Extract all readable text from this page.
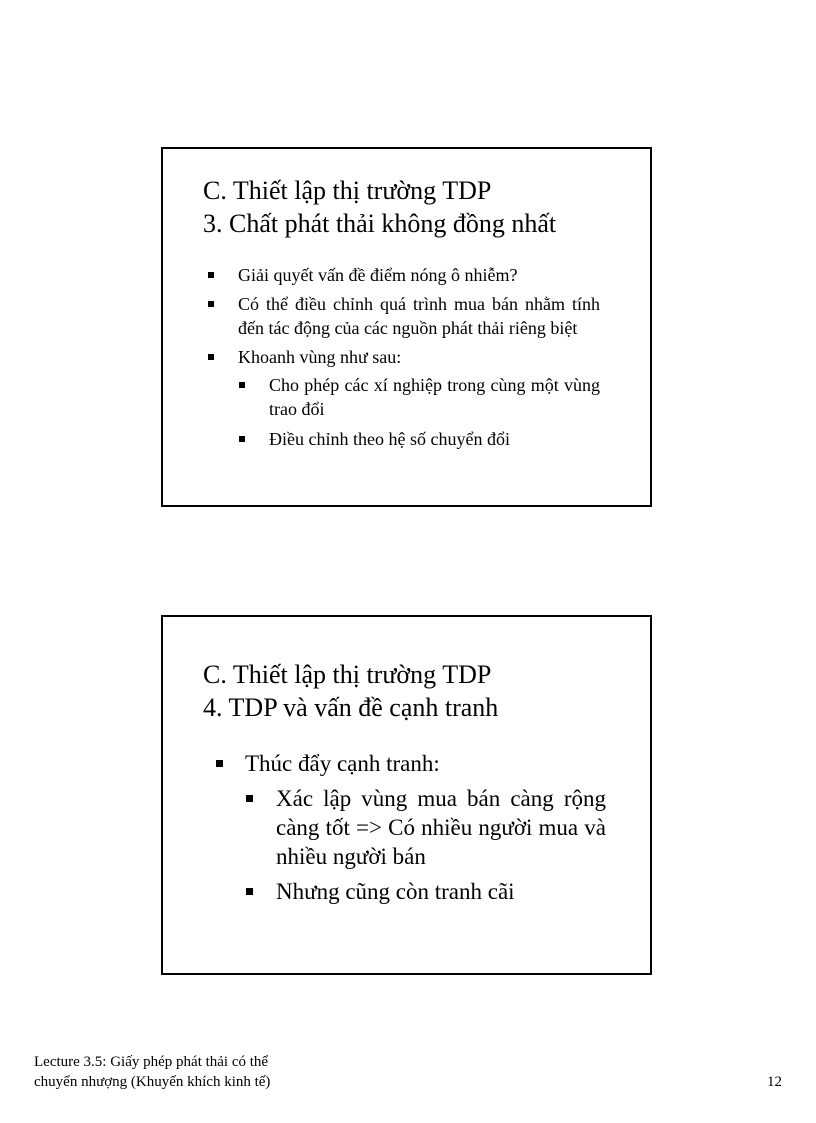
C. Thiết lập thị trường TDP
3. Chất phát thải không đồng nhất
Giải quyết vấn đề điểm nóng ô nhiễm?
Có thể điều chỉnh quá trình mua bán nhằm tính đến tác động của các nguồn phát thải riêng biệt
Khoanh vùng như sau:
Cho phép các xí nghiệp trong cùng một vùng trao đổi
Điều chỉnh theo hệ số chuyển đổi
C. Thiết lập thị trường TDP
4. TDP và vấn đề cạnh tranh
Thúc đẩy cạnh tranh:
Xác lập vùng mua bán càng rộng càng tốt => Có nhiều người mua và nhiều người bán
Nhưng cũng còn tranh cãi
Lecture 3.5: Giấy phép phát thải có thể
chuyển nhượng (Khuyến khích kinh tế)	12
